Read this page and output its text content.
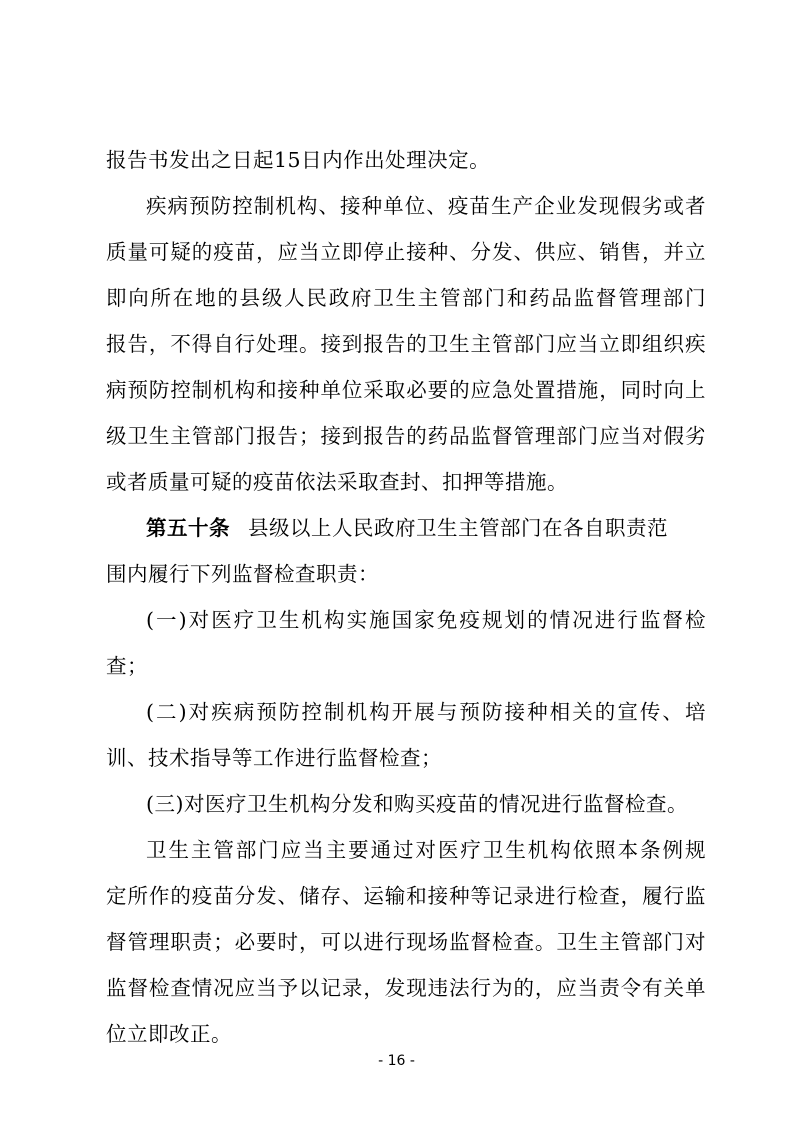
报告书发出之日起15日内作出处理决定。
疾病预防控制机构、接种单位、疫苗生产企业发现假劣或者
质量可疑的疫苗，应当立即停止接种、分发、供应、销售，并立
即向所在地的县级人民政府卫生主管部门和药品监督管理部门
报告，不得自行处理。接到报告的卫生主管部门应当立即组织疾
病预防控制机构和接种单位采取必要的应急处置措施，同时向上
级卫生主管部门报告；接到报告的药品监督管理部门应当对假劣
或者质量可疑的疫苗依法采取查封、扣押等措施。
第五十条 县级以上人民政府卫生主管部门在各自职责范
围内履行下列监督检查职责：
(一)对医疗卫生机构实施国家免疫规划的情况进行监督检
查；
(二)对疾病预防控制机构开展与预防接种相关的宣传、培
训、技术指导等工作进行监督检查；
(三)对医疗卫生机构分发和购买疫苗的情况进行监督检查。
卫生主管部门应当主要通过对医疗卫生机构依照本条例规
定所作的疫苗分发、储存、运输和接种等记录进行检查，履行监
督管理职责；必要时，可以进行现场监督检查。卫生主管部门对
监督检查情况应当予以记录，发现违法行为的，应当责令有关单
位立即改正。
- 16 -
